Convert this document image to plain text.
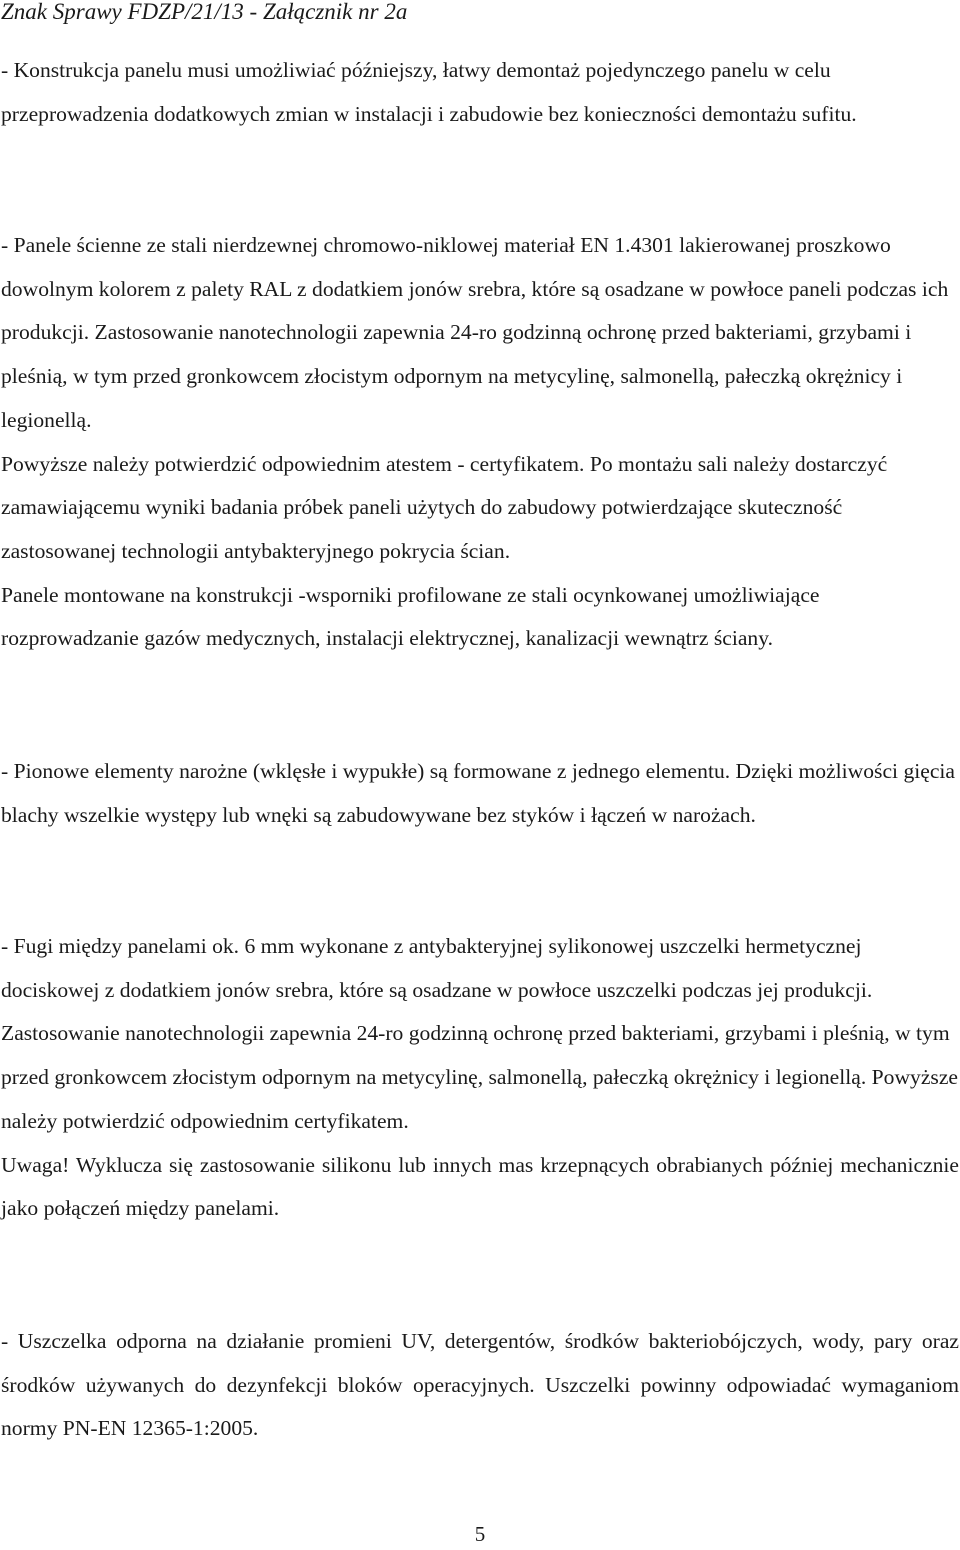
Znak Sprawy FDZP/21/13 - Załącznik nr 2a

- Konstrukcja panelu musi umożliwiać późniejszy, łatwy demontaż pojedynczego panelu w celu przeprowadzenia dodatkowych zmian w instalacji i zabudowie bez konieczności demontażu sufitu.

- Panele ścienne ze stali nierdzewnej chromowo-niklowej materiał EN 1.4301 lakierowanej proszkowo dowolnym kolorem z palety RAL z dodatkiem jonów srebra, które są osadzane w powłoce paneli podczas ich produkcji. Zastosowanie nanotechnologii zapewnia 24-ro godzinną ochronę przed bakteriami, grzybami i pleśnią, w tym przed gronkowcem złocistym odpornym na metycylinę, salmonellą, pałeczką okrężnicy i legionellą.

Powyższe należy potwierdzić odpowiednim atestem - certyfikatem. Po montażu sali należy dostarczyć zamawiającemu wyniki badania próbek paneli użytych do zabudowy potwierdzające skuteczność zastosowanej technologii antybakteryjnego pokrycia ścian.

Panele montowane na konstrukcji -wsporniki profilowane ze stali ocynkowanej umożliwiające rozprowadzanie gazów medycznych, instalacji elektrycznej, kanalizacji wewnątrz ściany.

- Pionowe elementy narożne (wklęsłe i wypukłe) są formowane z jednego elementu. Dzięki możliwości gięcia blachy wszelkie występy lub wnęki są zabudowywane bez styków i łączeń w narożach.

- Fugi między panelami ok. 6 mm wykonane z antybakteryjnej sylikonowej uszczelki hermetycznej dociskowej z dodatkiem jonów srebra, które są osadzane w powłoce uszczelki podczas jej produkcji. Zastosowanie nanotechnologii zapewnia 24-ro godzinną ochronę przed bakteriami, grzybami i pleśnią, w tym przed gronkowcem złocistym odpornym na metycylinę, salmonellą, pałeczką okrężnicy i legionellą. Powyższe należy potwierdzić odpowiednim certyfikatem.

Uwaga! Wyklucza się zastosowanie silikonu lub innych mas krzepnących obrabianych później mechanicznie jako połączeń między panelami.

- Uszczelka odporna na działanie promieni UV, detergentów, środków bakteriobójczych, wody, pary oraz środków używanych do dezynfekcji bloków operacyjnych. Uszczelki powinny odpowiadać wymaganiom normy PN-EN 12365-1:2005.

5
